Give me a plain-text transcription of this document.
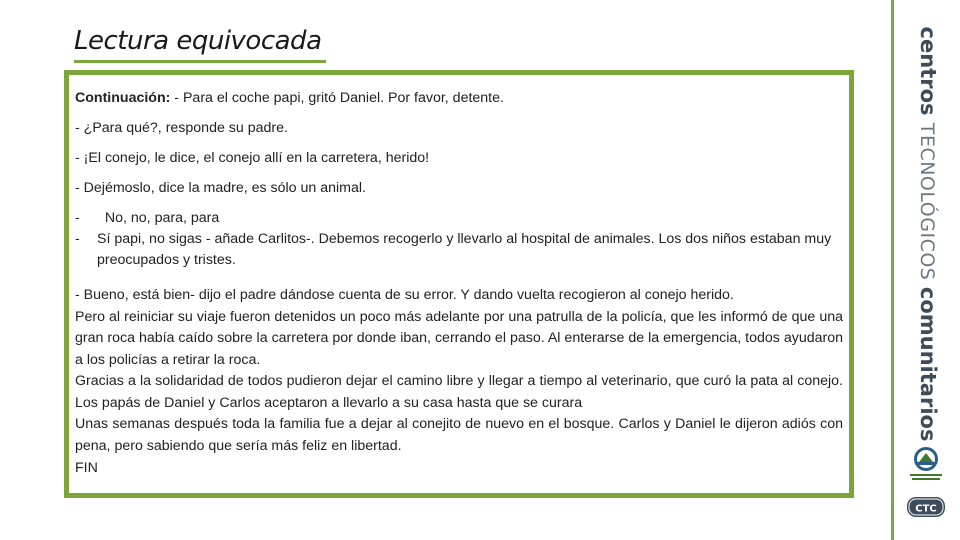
Lectura equivocada

Continuación: - Para el coche papi, gritó Daniel. Por favor, detente.

- ¿Para qué?, responde su padre.

- ¡El conejo, le dice, el conejo allí en la carretera, herido!

- Dejémoslo, dice la madre, es sólo un animal.

-	No, no, para, para
-	Sí papi, no sigas - añade Carlitos-. Debemos recogerlo y llevarlo al hospital de animales. Los dos niños estaban muy preocupados y tristes.

- Bueno, está bien- dijo el padre dándose cuenta de su error. Y dando vuelta recogieron al conejo herido.

Pero al reiniciar su viaje fueron detenidos un poco más adelante por una patrulla de la policía, que les informó de que una gran roca había caído sobre la carretera por donde iban, cerrando el paso. Al enterarse de la emergencia, todos ayudaron a los policías a retirar la roca.

Gracias a la solidaridad de todos pudieron dejar el camino libre y llegar a tiempo al veterinario, que curó la pata al conejo. Los papás de Daniel y Carlos aceptaron a llevarlo a su casa hasta que se curara

Unas semanas después toda la familia fue a dejar al conejito de nuevo en el bosque. Carlos y Daniel le dijeron adiós con pena, pero sabiendo que sería más feliz en libertad.

FIN

centros TECNOLÓGICOS comunitarios
CTC
